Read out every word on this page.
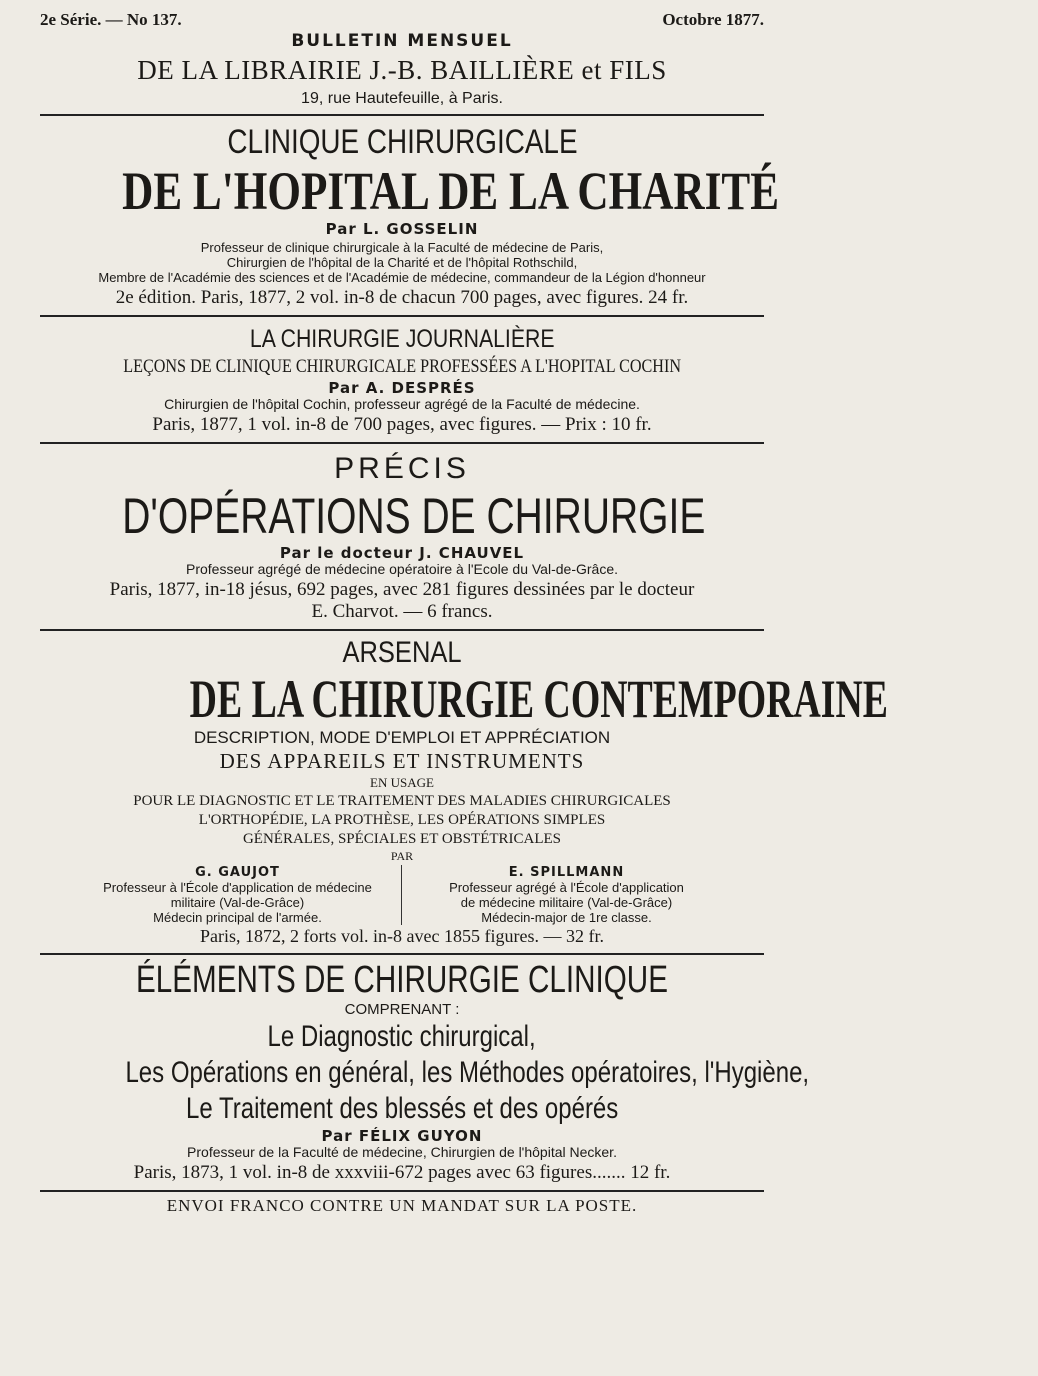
2e Série. — No 137.	Octobre 1877.
BULLETIN MENSUEL
DE LA LIBRAIRIE J.-B. BAILLIÈRE et FILS
19, rue Hautefeuille, à Paris.
CLINIQUE CHIRURGICALE
DE L'HOPITAL DE LA CHARITÉ
Par L. GOSSELIN
Professeur de clinique chirurgicale à la Faculté de médecine de Paris,
Chirurgien de l'hôpital de la Charité et de l'hôpital Rothschild,
Membre de l'Académie des sciences et de l'Académie de médecine, commandeur de la Légion d'honneur
2e édition. Paris, 1877, 2 vol. in-8 de chacun 700 pages, avec figures. 24 fr.
LA CHIRURGIE JOURNALIÈRE
LEÇONS DE CLINIQUE CHIRURGICALE PROFESSÉES A L'HOPITAL COCHIN
Par A. DESPRÉS
Chirurgien de l'hôpital Cochin, professeur agrégé de la Faculté de médecine.
Paris, 1877, 1 vol. in-8 de 700 pages, avec figures. — Prix : 10 fr.
PRÉCIS
D'OPÉRATIONS DE CHIRURGIE
Par le docteur J. CHAUVEL
Professeur agrégé de médecine opératoire à l'Ecole du Val-de-Grâce.
Paris, 1877, in-18 jésus, 692 pages, avec 281 figures dessinées par le docteur
E. Charvot. — 6 francs.
ARSENAL
DE LA CHIRURGIE CONTEMPORAINE
DESCRIPTION, MODE D'EMPLOI ET APPRÉCIATION
DES APPAREILS ET INSTRUMENTS
EN USAGE
POUR LE DIAGNOSTIC ET LE TRAITEMENT DES MALADIES CHIRURGICALES
L'ORTHOPÉDIE, LA PROTHÈSE, LES OPÉRATIONS SIMPLES
GÉNÉRALES, SPÉCIALES ET OBSTÉTRICALES
PAR
G. GAUJOT
Professeur à l'École d'application de médecine
militaire (Val-de-Grâce)
Médecin principal de l'armée.
E. SPILLMANN
Professeur agrégé à l'École d'application
de médecine militaire (Val-de-Grâce)
Médecin-major de 1re classe.
Paris, 1872, 2 forts vol. in-8 avec 1855 figures. — 32 fr.
ÉLÉMENTS DE CHIRURGIE CLINIQUE
COMPRENANT :
Le Diagnostic chirurgical,
Les Opérations en général, les Méthodes opératoires, l'Hygiène,
Le Traitement des blessés et des opérés
Par FÉLIX GUYON
Professeur de la Faculté de médecine, Chirurgien de l'hôpital Necker.
Paris, 1873, 1 vol. in-8 de xxxviii-672 pages avec 63 figures....... 12 fr.
ENVOI FRANCO CONTRE UN MANDAT SUR LA POSTE.
